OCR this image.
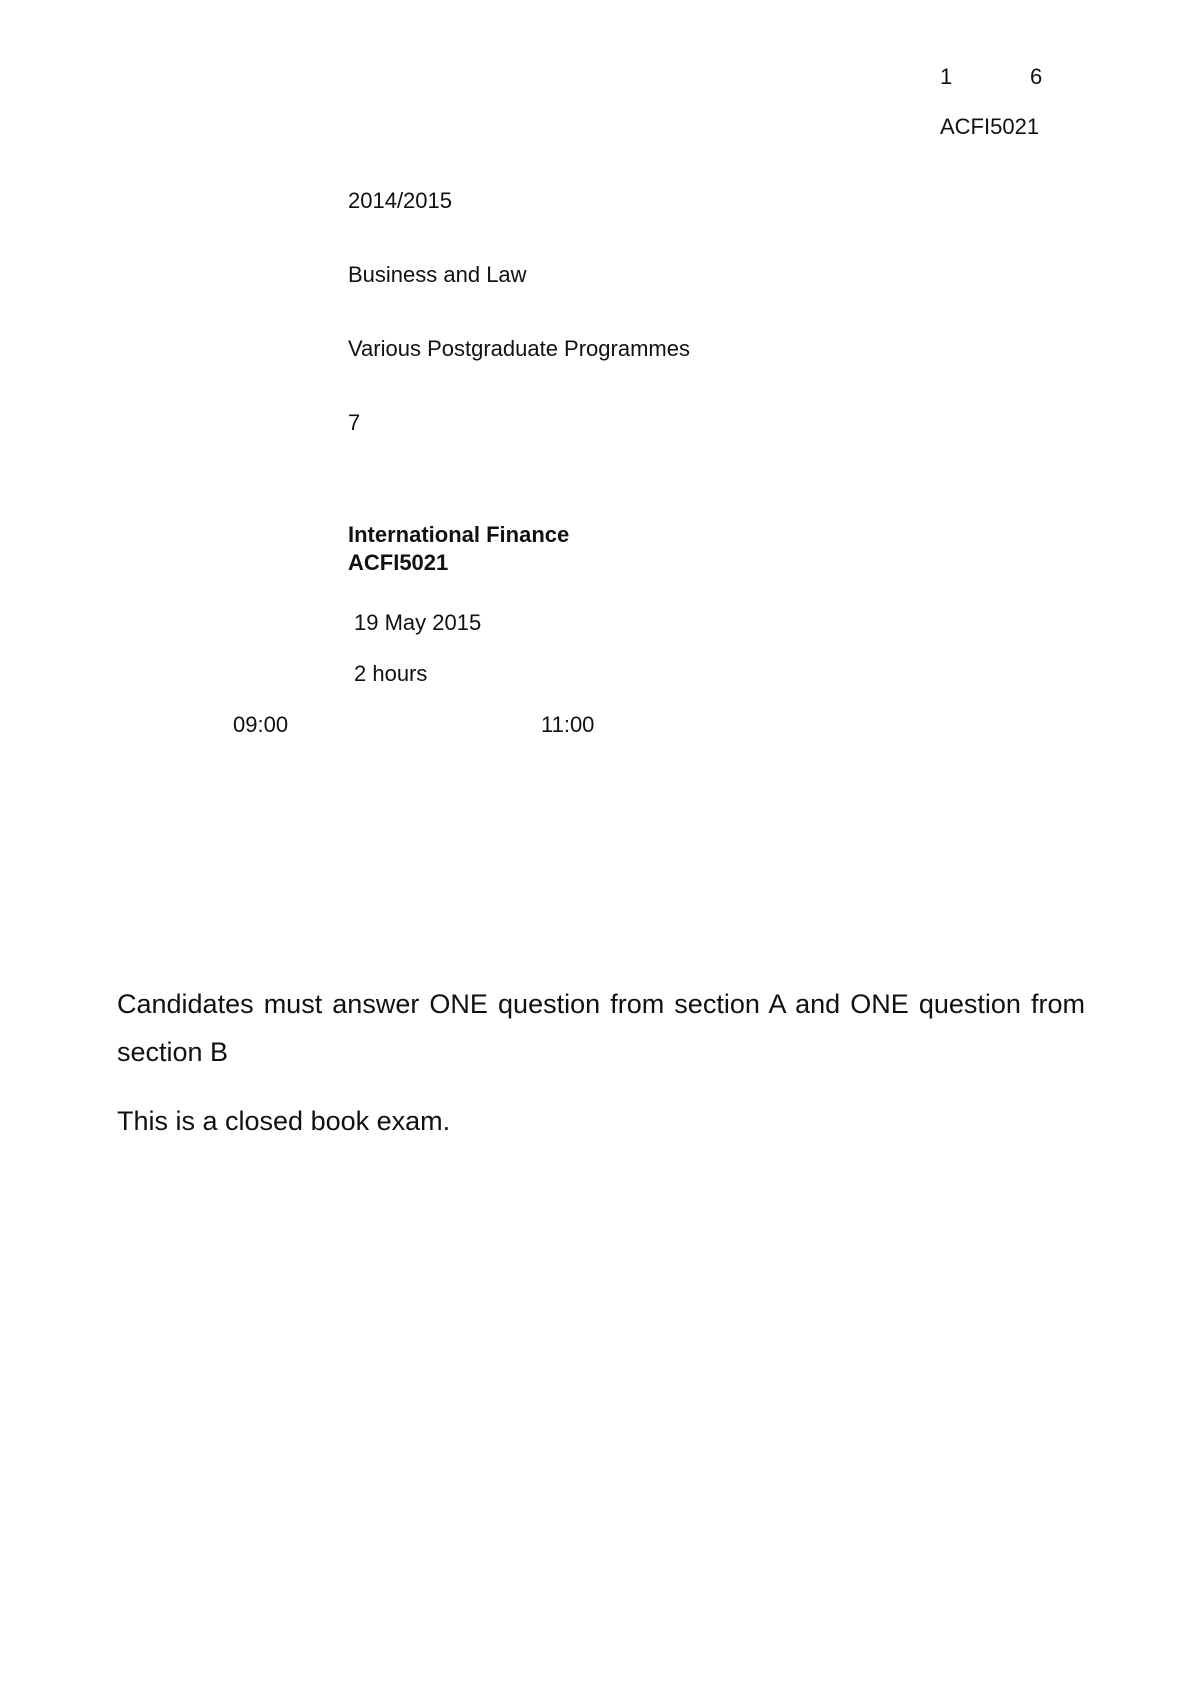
1	6
ACFI5021
2014/2015
Business and Law
Various Postgraduate Programmes
7
International Finance
ACFI5021
19 May 2015
2 hours
09:00	11:00
Candidates must answer ONE question from section A and ONE question from section B
This is a closed book exam.
